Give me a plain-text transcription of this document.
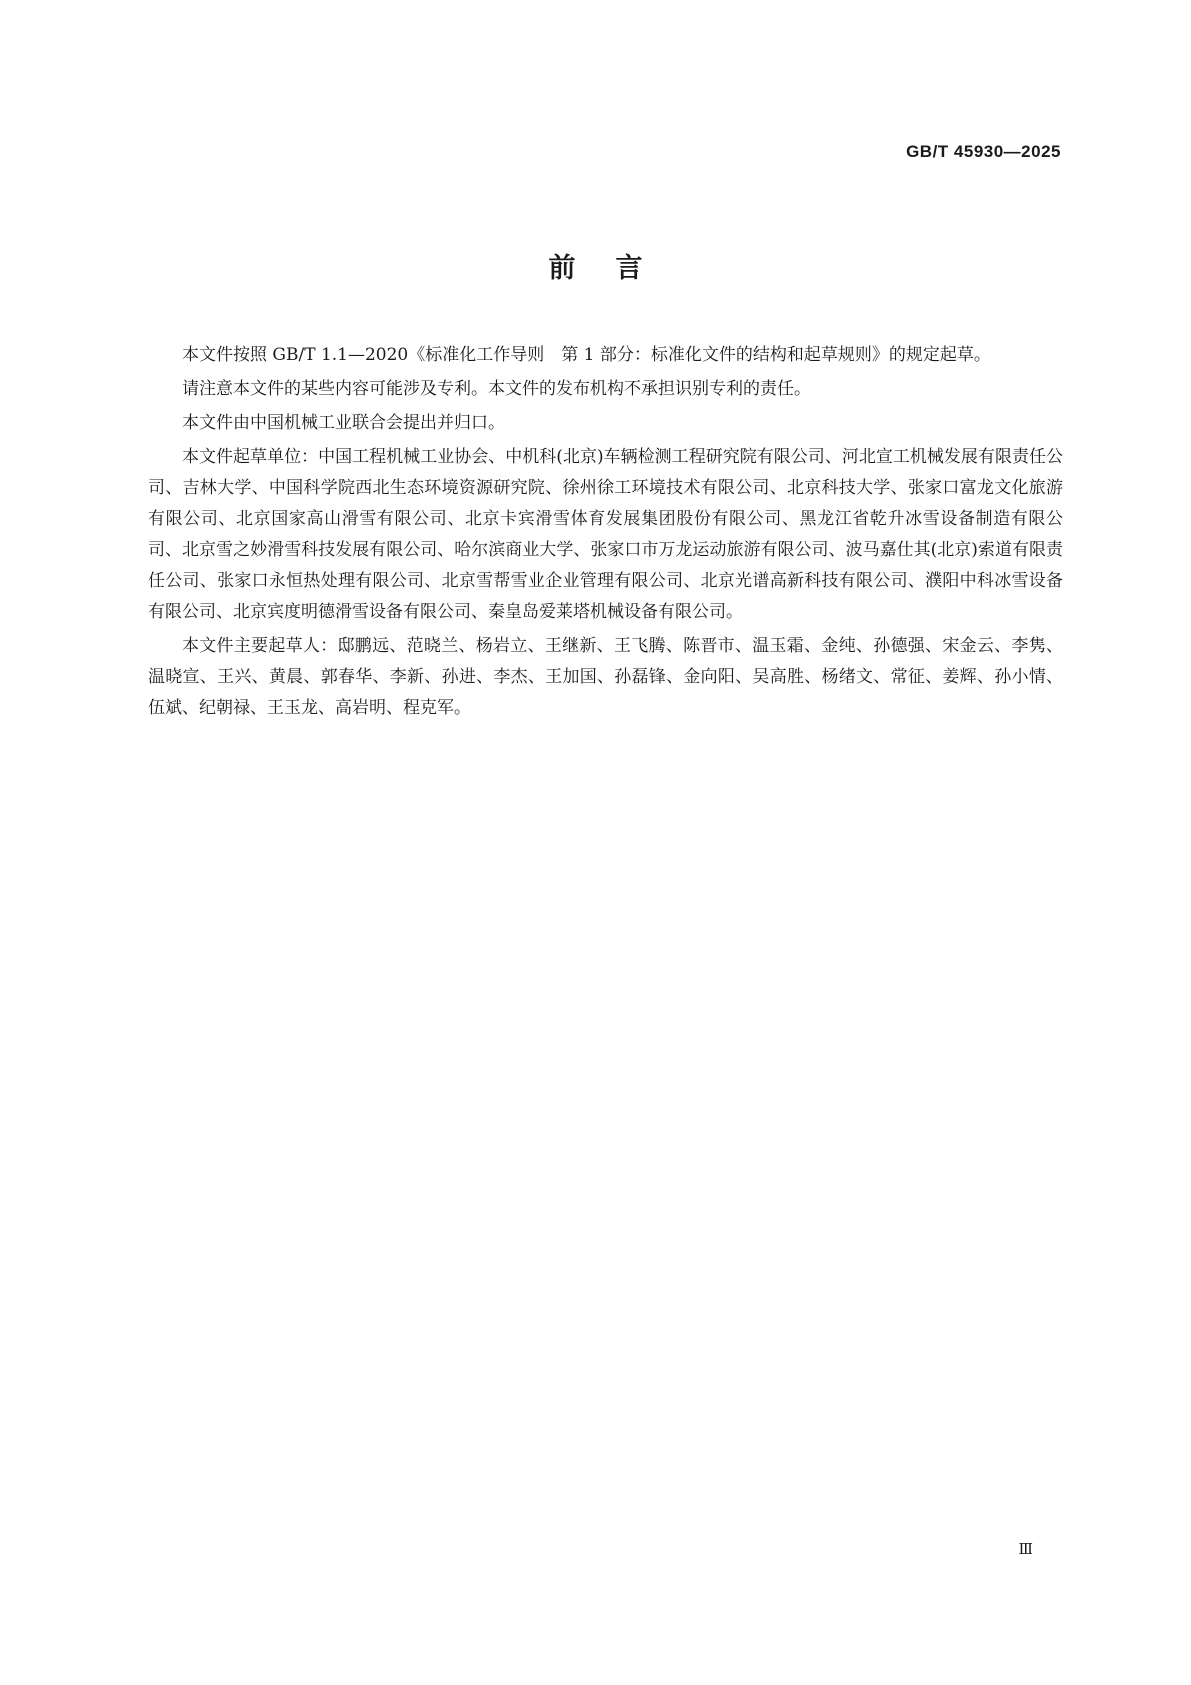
GB/T 45930—2025
前言

本文件按照 GB/T 1.1—2020《标准化工作导则　第 1 部分：标准化文件的结构和起草规则》的规定起草。

请注意本文件的某些内容可能涉及专利。本文件的发布机构不承担识别专利的责任。

本文件由中国机械工业联合会提出并归口。

本文件起草单位：中国工程机械工业协会、中机科(北京)车辆检测工程研究院有限公司、河北宣工机械发展有限责任公司、吉林大学、中国科学院西北生态环境资源研究院、徐州徐工环境技术有限公司、北京科技大学、张家口富龙文化旅游有限公司、北京国家高山滑雪有限公司、北京卡宾滑雪体育发展集团股份有限公司、黑龙江省乾升冰雪设备制造有限公司、北京雪之妙滑雪科技发展有限公司、哈尔滨商业大学、张家口市万龙运动旅游有限公司、波马嘉仕其(北京)索道有限责任公司、张家口永恒热处理有限公司、北京雪帮雪业企业管理有限公司、北京光谱高新科技有限公司、濮阳中科冰雪设备有限公司、北京宾度明德滑雪设备有限公司、秦皇岛爱莱塔机械设备有限公司。

本文件主要起草人：邸鹏远、范晓兰、杨岩立、王继新、王飞腾、陈晋市、温玉霜、金纯、孙德强、宋金云、李隽、温晓宣、王兴、黄晨、郭春华、李新、孙进、李杰、王加国、孙磊锋、金向阳、吴高胜、杨绪文、常征、姜辉、孙小情、伍斌、纪朝禄、王玉龙、高岩明、程克军。

Ⅲ
